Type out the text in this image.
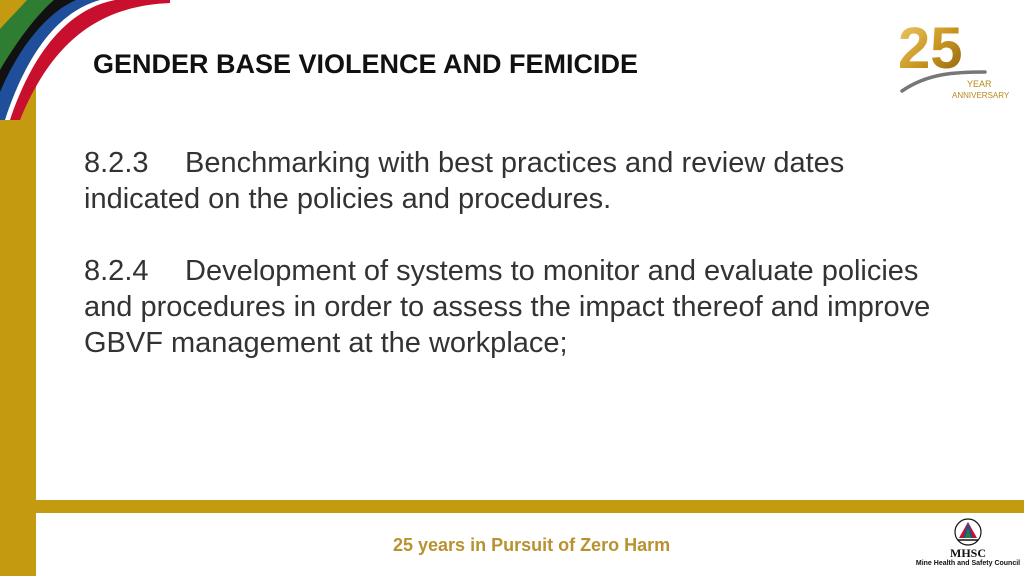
GENDER BASE VIOLENCE AND FEMICIDE

8.2.3 Benchmarking with best practices and review dates indicated on the policies and procedures.

8.2.4 Development of systems to monitor and evaluate policies and procedures in order to assess the impact thereof and improve GBVF management at the workplace;

25
YEAR
ANNIVERSARY

25 years in Pursuit of Zero Harm	MHSC

Mine Health and Safety Council
